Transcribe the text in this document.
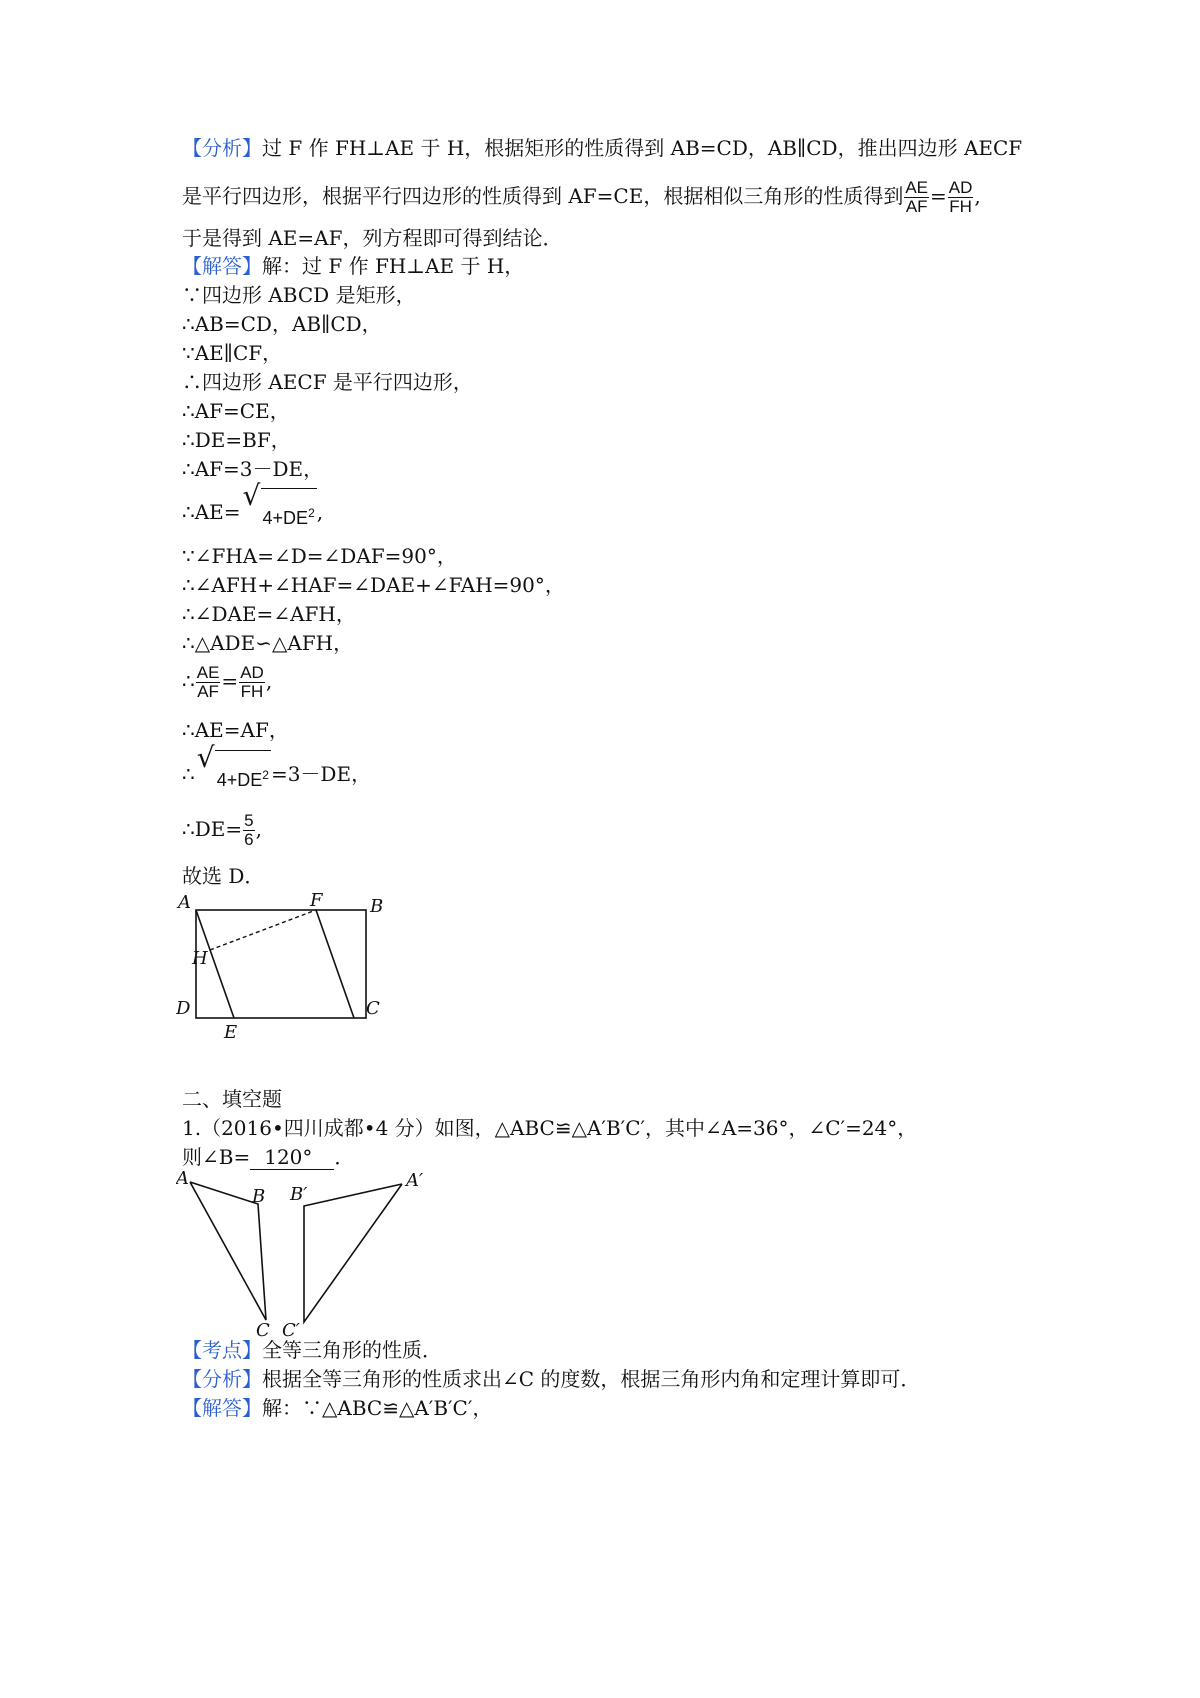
【分析】过 F 作 FH⊥AE 于 H，根据矩形的性质得到 AB=CD，AB∥CD，推出四边形 AECF
是平行四边形，根据平行四边形的性质得到 AF=CE，根据相似三角形的性质得到 $\frac{AE}{AF} = \frac{AD}{FH}$ ,
于是得到 AE=AF，列方程即可得到结论．
【解答】解：过 F 作 FH⊥AE 于 H，
∵四边形 ABCD 是矩形，
∴AB=CD，AB∥CD，
∵AE∥CF，
∴四边形 AECF 是平行四边形，
∴AF=CE，
∴DE=BF，
∴AF=3－DE，
∴AE= √
$4+DE^2$ ,
∵∠FHA=∠D=∠DAF=90°，
∴∠AFH+∠HAF=∠DAE+∠FAH=90°，
∴∠DAE=∠AFH，
∴△ADE∽△AFH，
∴ $\frac{AE}{AF} = \frac{AD}{FH}$ ,
∴AE=AF，
∴ √
$4+DE^2 =3-DE$，
∴DE= $\frac{5}{6}$ ,
故选 D．
A	B
C
D
E
F
H
二、填空题
1.（2016•四川成都•4 分）如图，△ABC≌△A′B′C′，其中∠A=36°，∠C′=24°，
则∠B= 120° ．
A
B
C
B′
A′
C′
【考点】全等三角形的性质．
【分析】根据全等三角形的性质求出∠C 的度数，根据三角形内角和定理计算即可．
【解答】解：∵△ABC≌△A′B′C′，
